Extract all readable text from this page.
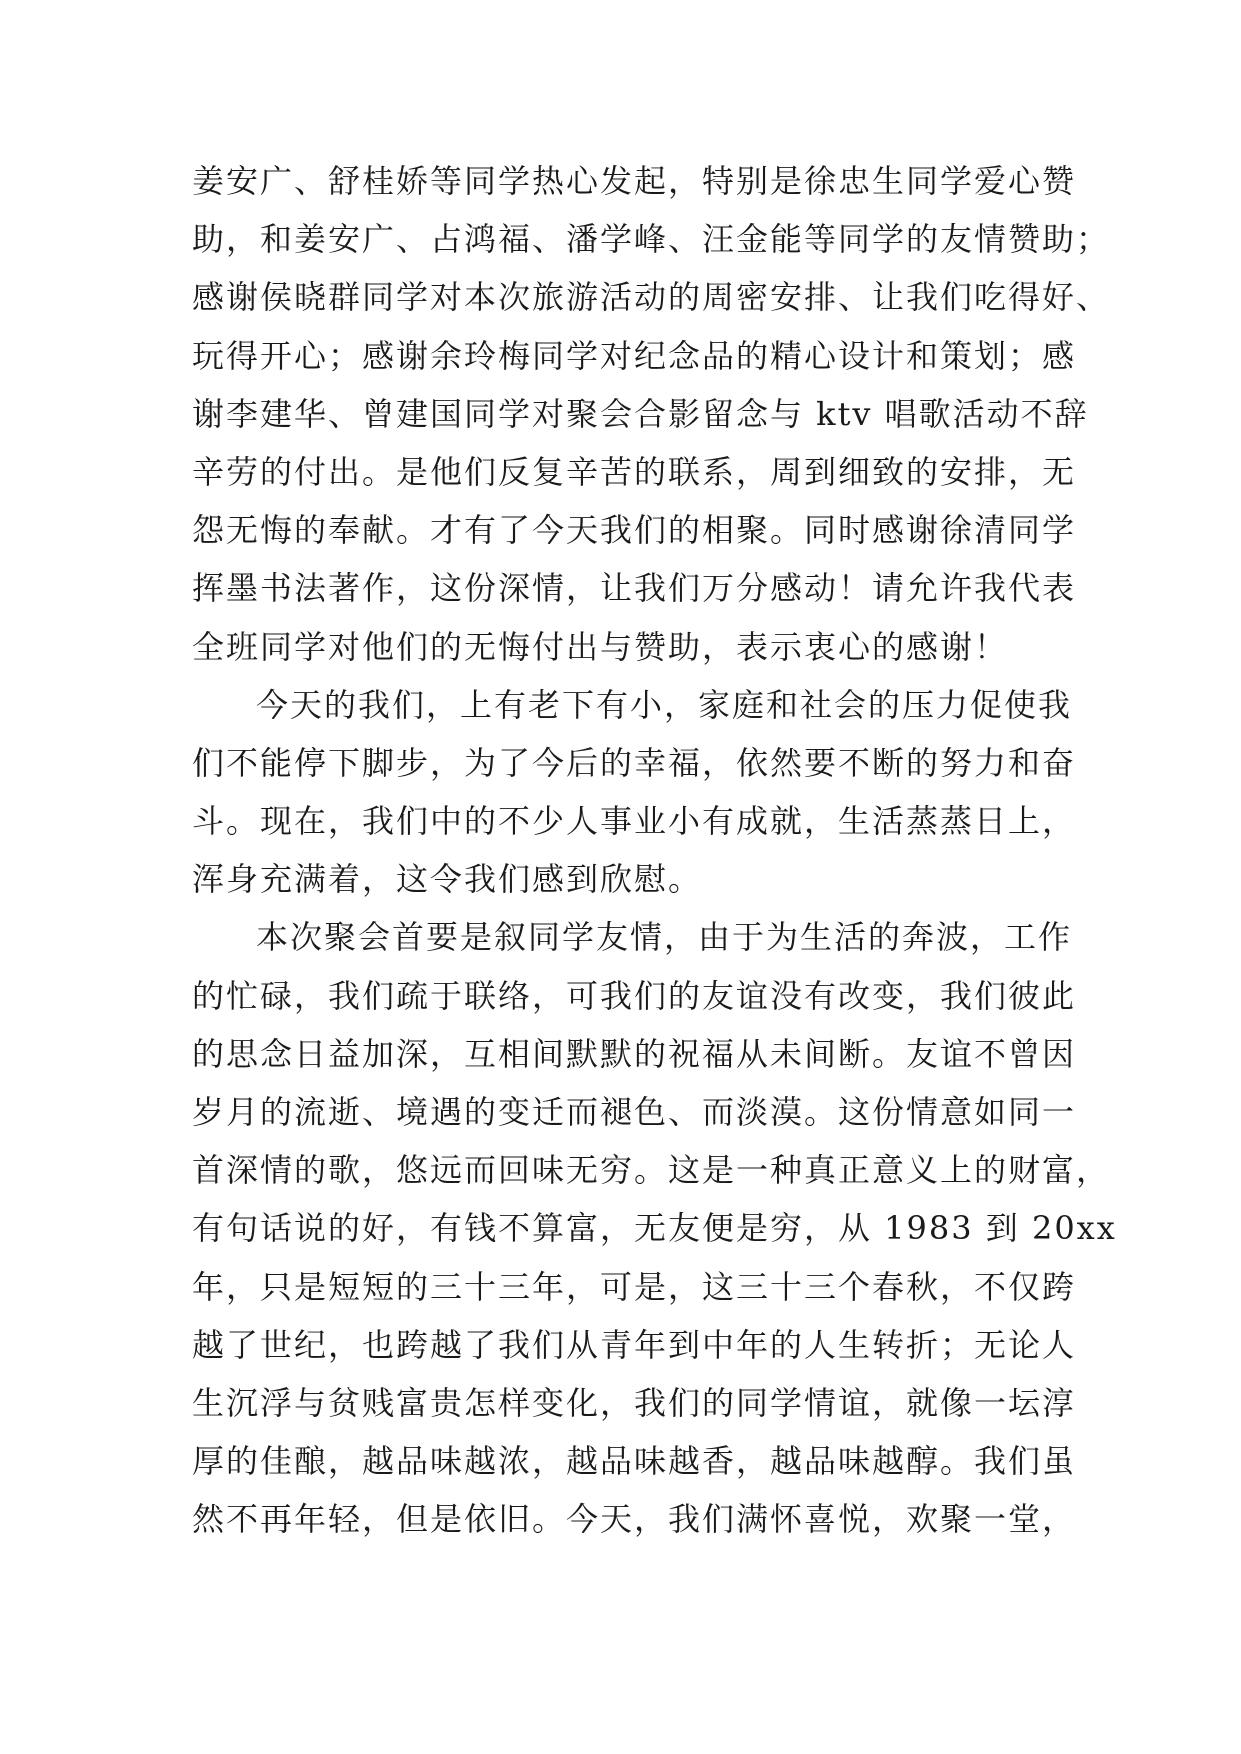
姜安广、舒桂娇等同学热心发起，特别是徐忠生同学爱心赞
助，和姜安广、占鸿福、潘学峰、汪金能等同学的友情赞助；
感谢侯晓群同学对本次旅游活动的周密安排、让我们吃得好、
玩得开心；感谢余玲梅同学对纪念品的精心设计和策划；感
谢李建华、曾建国同学对聚会合影留念与 ktv 唱歌活动不辞
辛劳的付出。是他们反复辛苦的联系，周到细致的安排，无
怨无悔的奉献。才有了今天我们的相聚。同时感谢徐清同学
挥墨书法著作，这份深情，让我们万分感动！请允许我代表
全班同学对他们的无悔付出与赞助，表示衷心的感谢！
今天的我们，上有老下有小，家庭和社会的压力促使我
们不能停下脚步，为了今后的幸福，依然要不断的努力和奋
斗。现在，我们中的不少人事业小有成就，生活蒸蒸日上，
浑身充满着，这令我们感到欣慰。
本次聚会首要是叙同学友情，由于为生活的奔波，工作
的忙碌，我们疏于联络，可我们的友谊没有改变，我们彼此
的思念日益加深，互相间默默的祝福从未间断。友谊不曾因
岁月的流逝、境遇的变迁而褪色、而淡漠。这份情意如同一
首深情的歌，悠远而回味无穷。这是一种真正意义上的财富，
有句话说的好，有钱不算富，无友便是穷，从 1983 到 20xx
年，只是短短的三十三年，可是，这三十三个春秋，不仅跨
越了世纪，也跨越了我们从青年到中年的人生转折；无论人
生沉浮与贫贱富贵怎样变化，我们的同学情谊，就像一坛淳
厚的佳酿，越品味越浓，越品味越香，越品味越醇。我们虽
然不再年轻，但是依旧。今天，我们满怀喜悦，欢聚一堂，
